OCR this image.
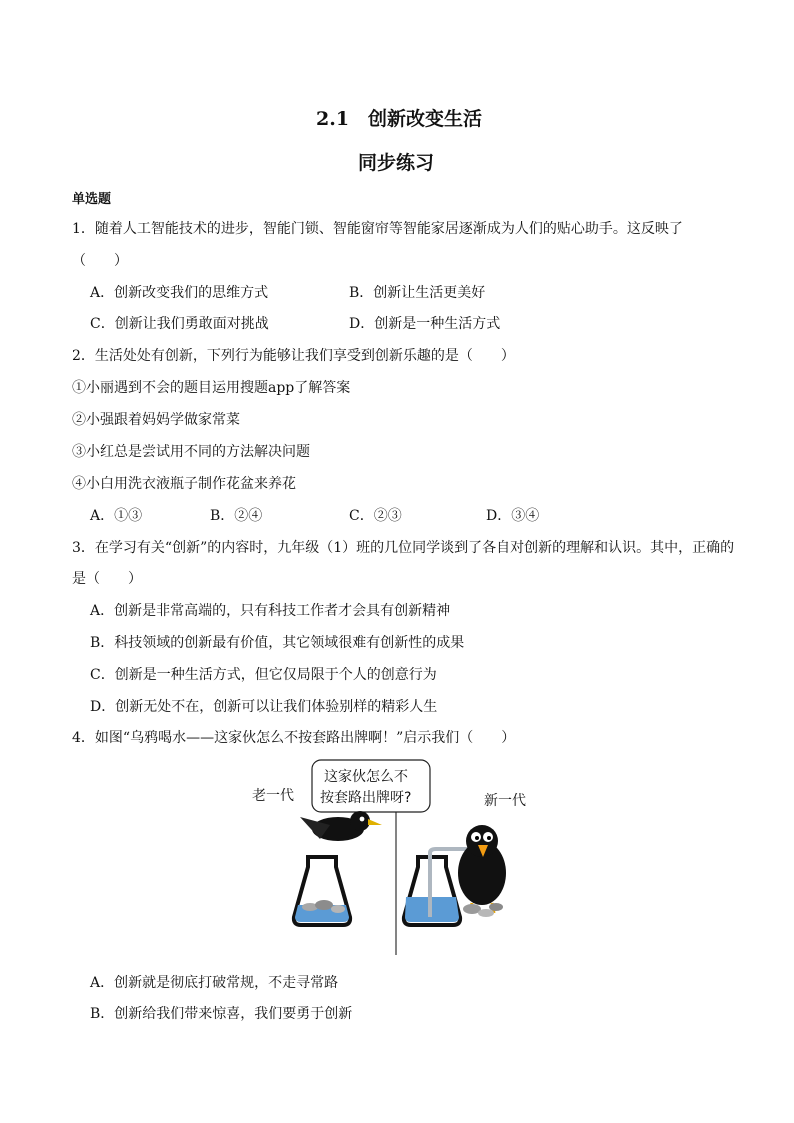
2.1　创新改变生活
同步练习
单选题
1．随着人工智能技术的进步，智能门锁、智能窗帘等智能家居逐渐成为人们的贴心助手。这反映了
（　　）
A．创新改变我们的思维方式	B．创新让生活更美好
C．创新让我们勇敢面对挑战	D．创新是一种生活方式
2．生活处处有创新，下列行为能够让我们享受到创新乐趣的是（　　）
①小丽遇到不会的题目运用搜题app了解答案
②小强跟着妈妈学做家常菜
③小红总是尝试用不同的方法解决问题
④小白用洗衣液瓶子制作花盆来养花
A．①③	B．②④	C．②③	D．③④
3．在学习有关“创新”的内容时，九年级（1）班的几位同学谈到了各自对创新的理解和认识。其中，正确的
是（　　）
A．创新是非常高端的，只有科技工作者才会具有创新精神
B．科技领域的创新最有价值，其它领域很难有创新性的成果
C．创新是一种生活方式，但它仅局限于个人的创意行为
D．创新无处不在，创新可以让我们体验别样的精彩人生
4．如图“乌鸦喝水——这家伙怎么不按套路出牌啊！”启示我们（　　）
这家伙怎么不
按套路出牌呀?
老一代	新一代
A．创新就是彻底打破常规，不走寻常路
B．创新给我们带来惊喜，我们要勇于创新
